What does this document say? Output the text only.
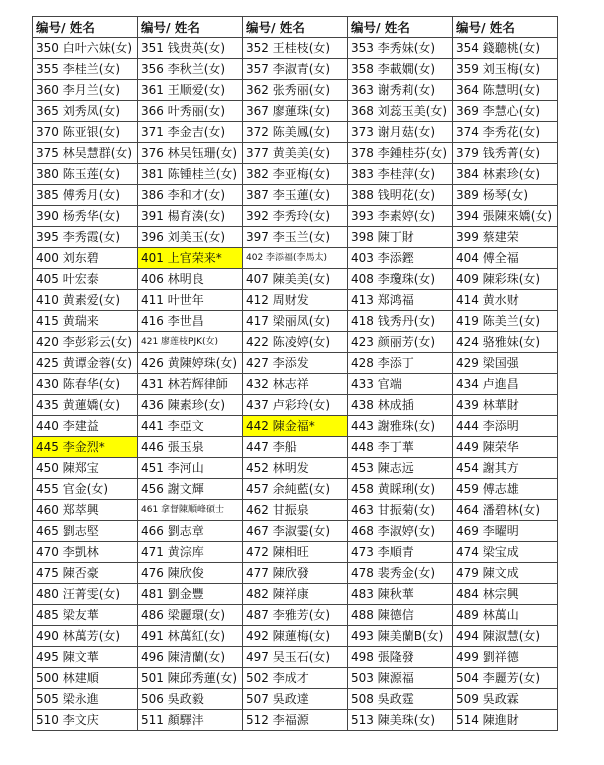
编号/ 姓名	编号/ 姓名	编号/ 姓名	编号/ 姓名	编号/ 姓名
350 白叶六妹(女)	351 钱贵英(女)	352 王桂枝(女)	353 李秀妹(女)	354 錢聽桃(女)
355 李桂兰(女)	356 李秋兰(女)	357 李淑青(女)	358 李載嫺(女)	359 刘玉梅(女)
360 李月兰(女)	361 王顺爱(女)	362 张秀丽(女)	363 谢秀莉(女)	364 陈慧明(女)
365 刘秀凤(女)	366 叶秀丽(女)	367 廖蓮珠(女)	368 刘蕊玉美(女)	369 李慧心(女)
370 陈亚银(女)	371 李金吉(女)	372 陈美鳳(女)	373 谢月菇(女)	374 李秀花(女)
375 林吴慧群(女)	376 林吴钰珊(女)	377 黄美美(女)	378 李鍾桂芬(女)	379 钱秀菁(女)
380 陈玉莲(女)	381 陈锺桂兰(女)	382 李亚梅(女)	383 李桂萍(女)	384 林素珍(女)
385 傅秀月(女)	386 李和才(女)	387 李玉蓮(女)	388 钱明花(女)	389 杨琴(女)
390 杨秀华(女)	391 楊育湊(女)	392 李秀玲(女)	393 李素婷(女)	394 張陳來嬌(女)
395 李秀霞(女)	396 刘美玉(女)	397 李玉兰(女)	398 陳丁財	399 蔡建荣
400 刘东碧	401 上官荣来*	402 李添福(李馬太)	403 李添鏗	404 傅全福
405 叶宏泰	406 林明良	407 陳美美(女)	408 李瓊珠(女)	409 陳彩珠(女)
410 黄素爱(女)	411 叶世年	412 周财发	413 郑鸿福	414 黄水财
415 黄瑞来	416 李世昌	417 梁丽凤(女)	418 钱秀丹(女)	419 陈美兰(女)
420 李彭彩云(女)	421 廖莲枝PJK(女)	422 陈凌婷(女)	423 颜丽芳(女)	424 骆雅妹(女)
425 黄谭金蓉(女)	426 黄陳婷珠(女)	427 李添发	428 李添丁	429 梁国强
430 陈春华(女)	431 林若辉律師	432 林志祥	433 官端	434 卢進昌
435 黄蓮嬌(女)	436 陳素珍(女)	437 卢彩玲(女)	438 林成插	439 林華財
440 李建益	441 李亞文	442 陳金福*	443 謝雅珠(女)	444 李添明
445 李金烈*	446 張玉泉	447 李船	448 李丁華	449 陳荣华
450 陳郑宝	451 李河山	452 林明发	453 陳志远	454 謝其方
455 官金(女)	456 謝文輝	457 余純藍(女)	458 黄睬琍(女)	459 傅志雄
460 郑萃興	461 拿督陳順峰碩士	462 甘振泉	463 甘振菊(女)	464 潘碧林(女)
465 劉志堅	466 劉志章	467 李淑霎(女)	468 李淑婷(女)	469 李曜明
470 李凱林	471 黄淙库	472 陳相旺	473 李順青	474 梁宝成
475 陳否豪	476 陳欣俊	477 陳欣發	478 裴秀金(女)	479 陳文成
480 汪菁雯(女)	481 劉金豐	482 陳祥康	483 陳秋華	484 林宗興
485 梁友華	486 梁麗環(女)	487 李雅芳(女)	488 陳德信	489 林萬山
490 林萬芳(女)	491 林萬紅(女)	492 陳蓮梅(女)	493 陳美蘭B(女)	494 陳淑慧(女)
495 陳文華	496 陳清蘭(女)	497 吴玉石(女)	498 張隆發	499 劉祥德
500 林建順	501 陳邱秀蓮(女)	502 李成才	503 陳源福	504 李麗芳(女)
505 梁永進	506 吳政毅	507 吳政達	508 吳政霆	509 吳政霖
510 李文庆	511 顏驛沣	512 李福源	513 陳美珠(女)	514 陳進財
